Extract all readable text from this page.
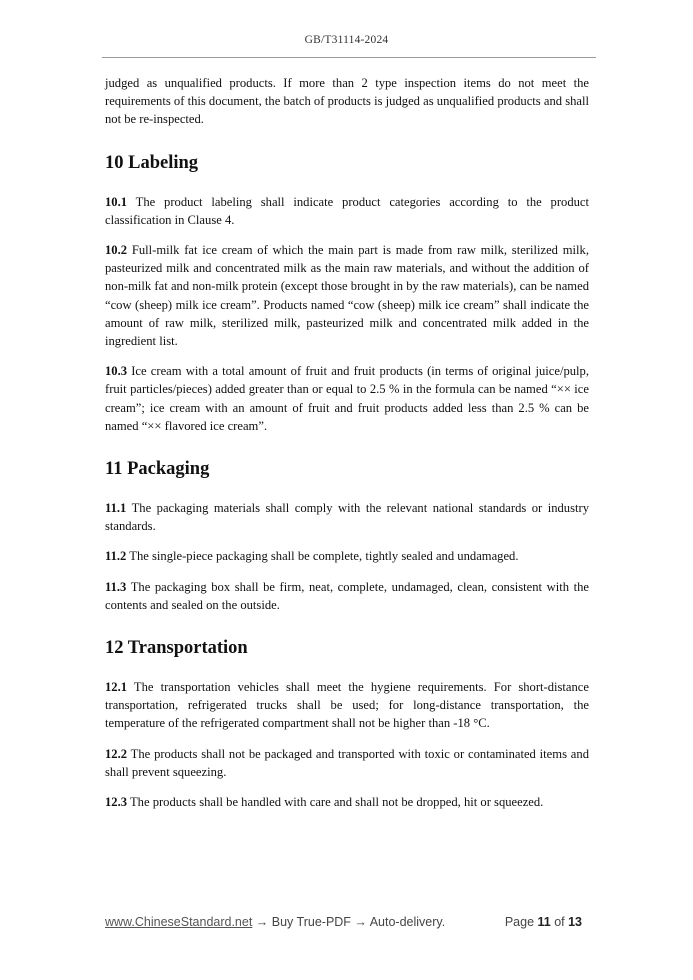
GB/T31114-2024

judged as unqualified products. If more than 2 type inspection items do not meet the requirements of this document, the batch of products is judged as unqualified products and shall not be re-inspected.

10 Labeling

10.1 The product labeling shall indicate product categories according to the product classification in Clause 4.

10.2 Full-milk fat ice cream of which the main part is made from raw milk, sterilized milk, pasteurized milk and concentrated milk as the main raw materials, and without the addition of non-milk fat and non-milk protein (except those brought in by the raw materials), can be named “cow (sheep) milk ice cream”. Products named “cow (sheep) milk ice cream” shall indicate the amount of raw milk, sterilized milk, pasteurized milk and concentrated milk added in the ingredient list.

10.3 Ice cream with a total amount of fruit and fruit products (in terms of original juice/pulp, fruit particles/pieces) added greater than or equal to 2.5 % in the formula can be named “×× ice cream”; ice cream with an amount of fruit and fruit products added less than 2.5 % can be named “×× flavored ice cream”.

11 Packaging

11.1 The packaging materials shall comply with the relevant national standards or industry standards.

11.2 The single-piece packaging shall be complete, tightly sealed and undamaged.

11.3 The packaging box shall be firm, neat, complete, undamaged, clean, consistent with the contents and sealed on the outside.

12 Transportation

12.1 The transportation vehicles shall meet the hygiene requirements. For short-distance transportation, refrigerated trucks shall be used; for long-distance transportation, the temperature of the refrigerated compartment shall not be higher than -18 °C.

12.2 The products shall not be packaged and transported with toxic or contaminated items and shall prevent squeezing.

12.3 The products shall be handled with care and shall not be dropped, hit or squeezed.

www.ChineseStandard.net → Buy True-PDF → Auto-delivery.	Page 11 of 13
